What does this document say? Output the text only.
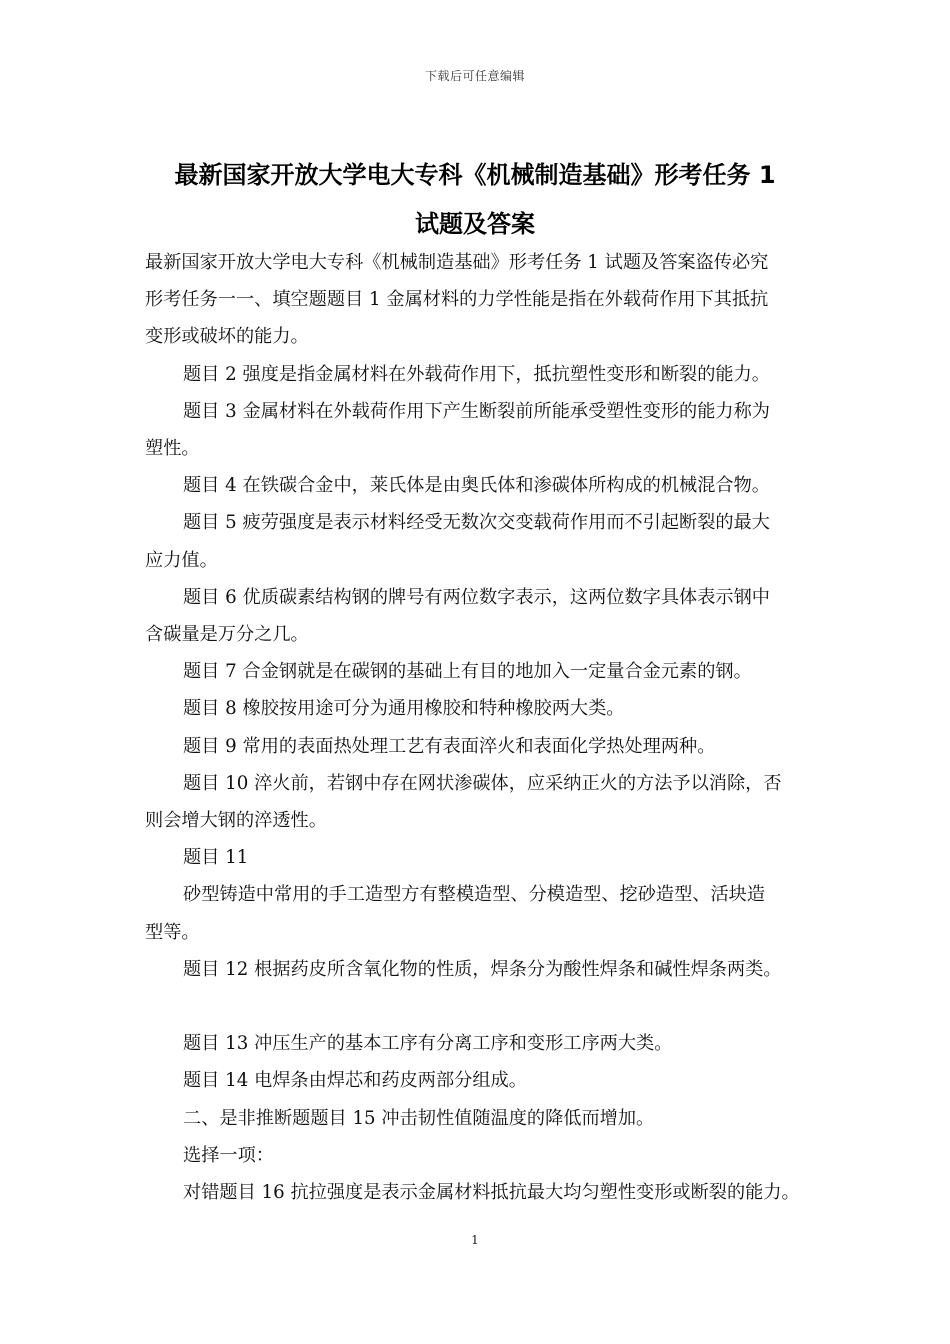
下载后可任意编辑
最新国家开放大学电大专科《机械制造基础》形考任务 1
试题及答案

最新国家开放大学电大专科《机械制造基础》形考任务 1 试题及答案盗传必究

形考任务一一、填空题题目 1 金属材料的力学性能是指在外载荷作用下其抵抗

变形或破坏的能力。

题目 2 强度是指金属材料在外载荷作用下，抵抗塑性变形和断裂的能力。

题目 3 金属材料在外载荷作用下产生断裂前所能承受塑性变形的能力称为

塑性。

题目 4 在铁碳合金中，莱氏体是由奥氏体和渗碳体所构成的机械混合物。

题目 5 疲劳强度是表示材料经受无数次交变载荷作用而不引起断裂的最大

应力值。

题目 6 优质碳素结构钢的牌号有两位数字表示，这两位数字具体表示钢中

含碳量是万分之几。

题目 7 合金钢就是在碳钢的基础上有目的地加入一定量合金元素的钢。

题目 8 橡胶按用途可分为通用橡胶和特种橡胶两大类。

题目 9 常用的表面热处理工艺有表面淬火和表面化学热处理两种。

题目 10 淬火前，若钢中存在网状渗碳体，应采纳正火的方法予以消除，否

则会增大钢的淬透性。

题目 11

砂型铸造中常用的手工造型方有整模造型、分模造型、挖砂造型、活块造

型等。

题目 12 根据药皮所含氧化物的性质，焊条分为酸性焊条和碱性焊条两类。

题目 13 冲压生产的基本工序有分离工序和变形工序两大类。

题目 14 电焊条由焊芯和药皮两部分组成。

二、是非推断题题目 15 冲击韧性值随温度的降低而增加。

选择一项：

对错题目 16 抗拉强度是表示金属材料抵抗最大均匀塑性变形或断裂的能力。

1
